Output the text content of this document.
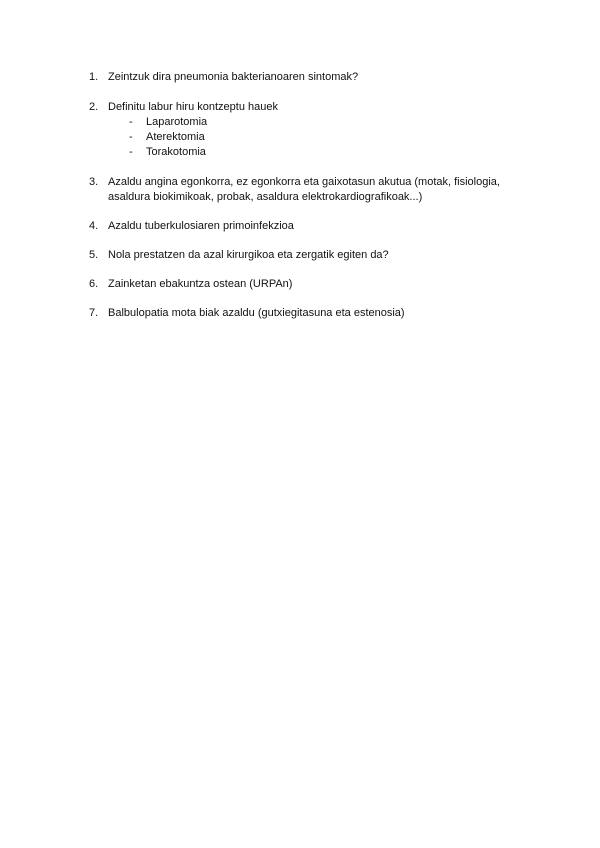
1. Zeintzuk dira pneumonia bakterianoaren sintomak?
2. Definitu labur hiru kontzeptu hauek
- Laparotomia
- Aterektomia
- Torakotomia
3. Azaldu angina egonkorra, ez egonkorra eta gaixotasun akutua (motak, fisiologia,
asaldura biokimikoak, probak, asaldura elektrokardiografikoak...)
4. Azaldu tuberkulosiaren primoinfekzioa
5. Nola prestatzen da azal kirurgikoa eta zergatik egiten da?
6. Zainketan ebakuntza ostean (URPAn)
7. Balbulopatia mota biak azaldu (gutxiegitasuna eta estenosia)
